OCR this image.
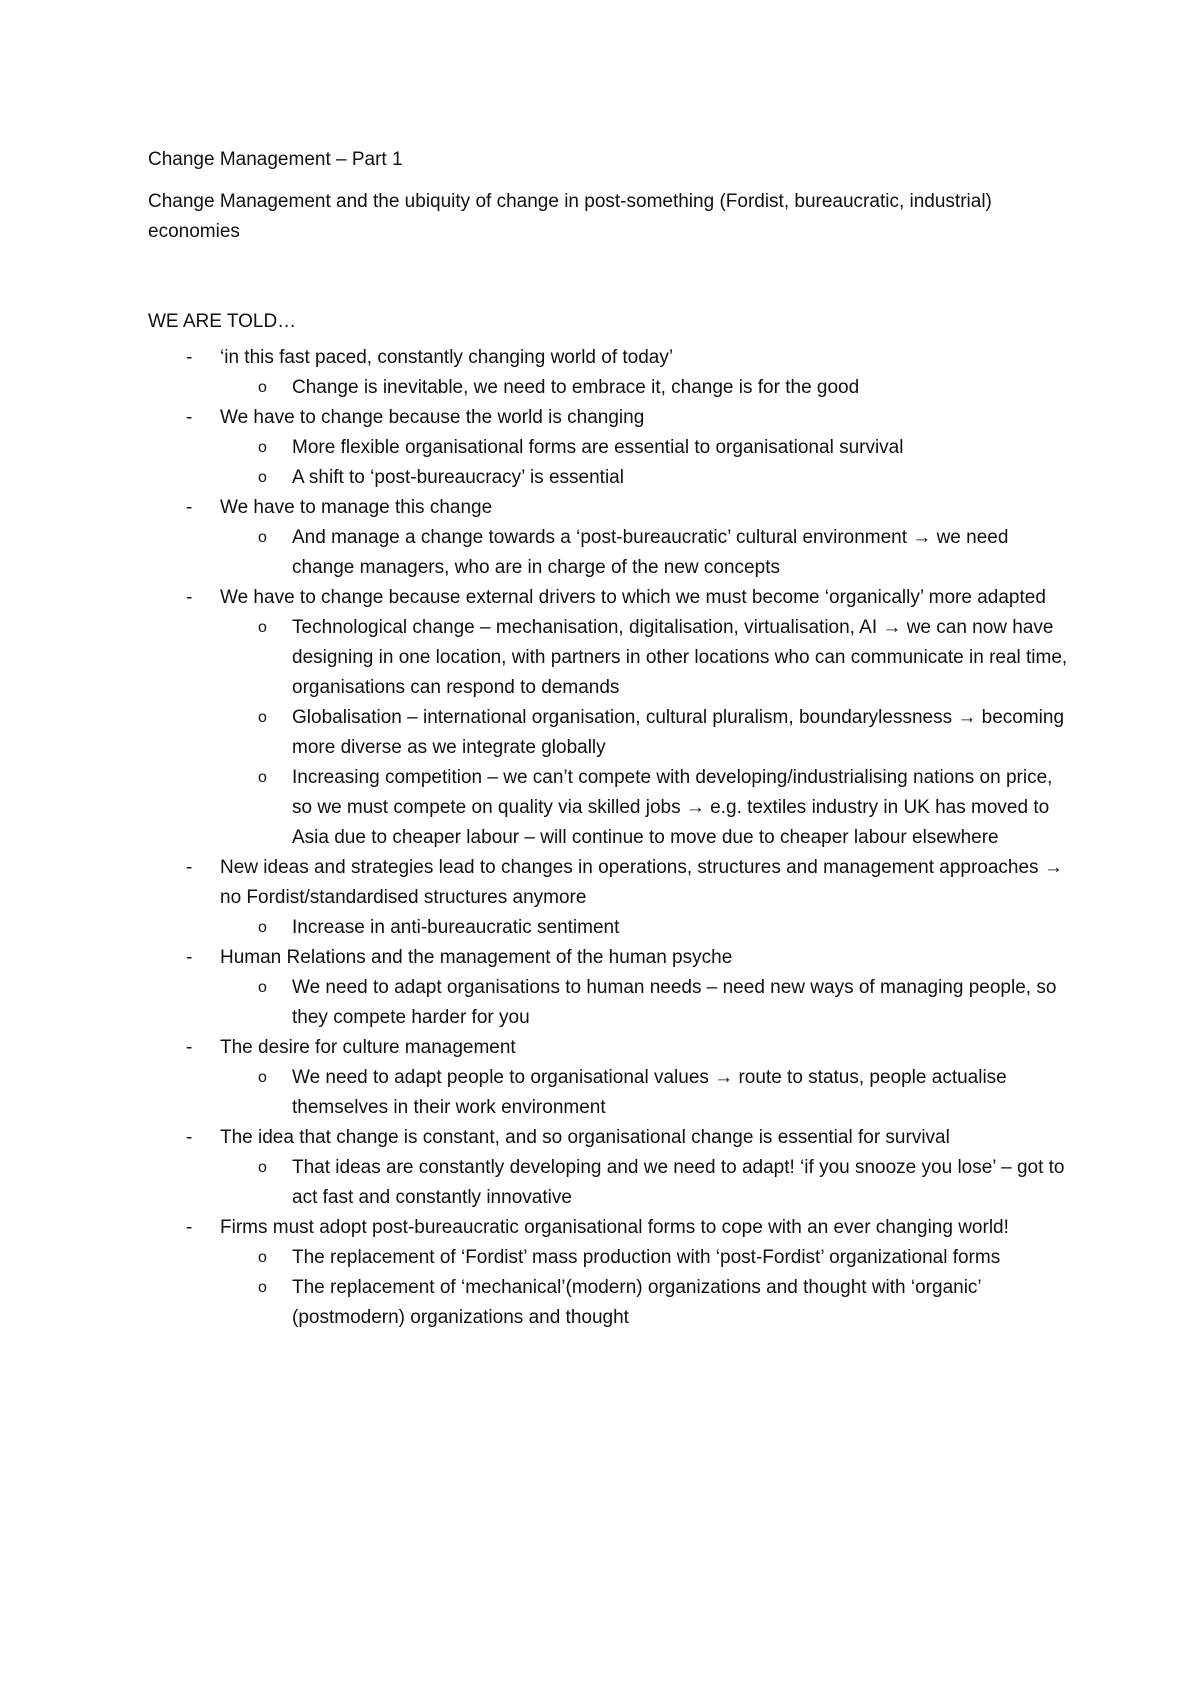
Change Management – Part 1
Change Management and the ubiquity of change in post-something (Fordist, bureaucratic, industrial) economies
WE ARE TOLD…
- ‘in this fast paced, constantly changing world of today’
o Change is inevitable, we need to embrace it, change is for the good
- We have to change because the world is changing
o More flexible organisational forms are essential to organisational survival
o A shift to ‘post-bureaucracy’ is essential
- We have to manage this change
o And manage a change towards a ‘post-bureaucratic’ cultural environment → we need change managers, who are in charge of the new concepts
- We have to change because external drivers to which we must become ‘organically’ more adapted
o Technological change – mechanisation, digitalisation, virtualisation, AI → we can now have designing in one location, with partners in other locations who can communicate in real time, organisations can respond to demands
o Globalisation – international organisation, cultural pluralism, boundarylessness → becoming more diverse as we integrate globally
o Increasing competition – we can’t compete with developing/industrialising nations on price, so we must compete on quality via skilled jobs → e.g. textiles industry in UK has moved to Asia due to cheaper labour – will continue to move due to cheaper labour elsewhere
- New ideas and strategies lead to changes in operations, structures and management approaches → no Fordist/standardised structures anymore
o Increase in anti-bureaucratic sentiment
- Human Relations and the management of the human psyche
o We need to adapt organisations to human needs – need new ways of managing people, so they compete harder for you
- The desire for culture management
o We need to adapt people to organisational values → route to status, people actualise themselves in their work environment
- The idea that change is constant, and so organisational change is essential for survival
o That ideas are constantly developing and we need to adapt! ‘if you snooze you lose’ – got to act fast and constantly innovative
- Firms must adopt post-bureaucratic organisational forms to cope with an ever changing world!
o The replacement of ‘Fordist’ mass production with ‘post-Fordist’ organizational forms
o The replacement of ‘mechanical’(modern) organizations and thought with ‘organic’ (postmodern) organizations and thought
